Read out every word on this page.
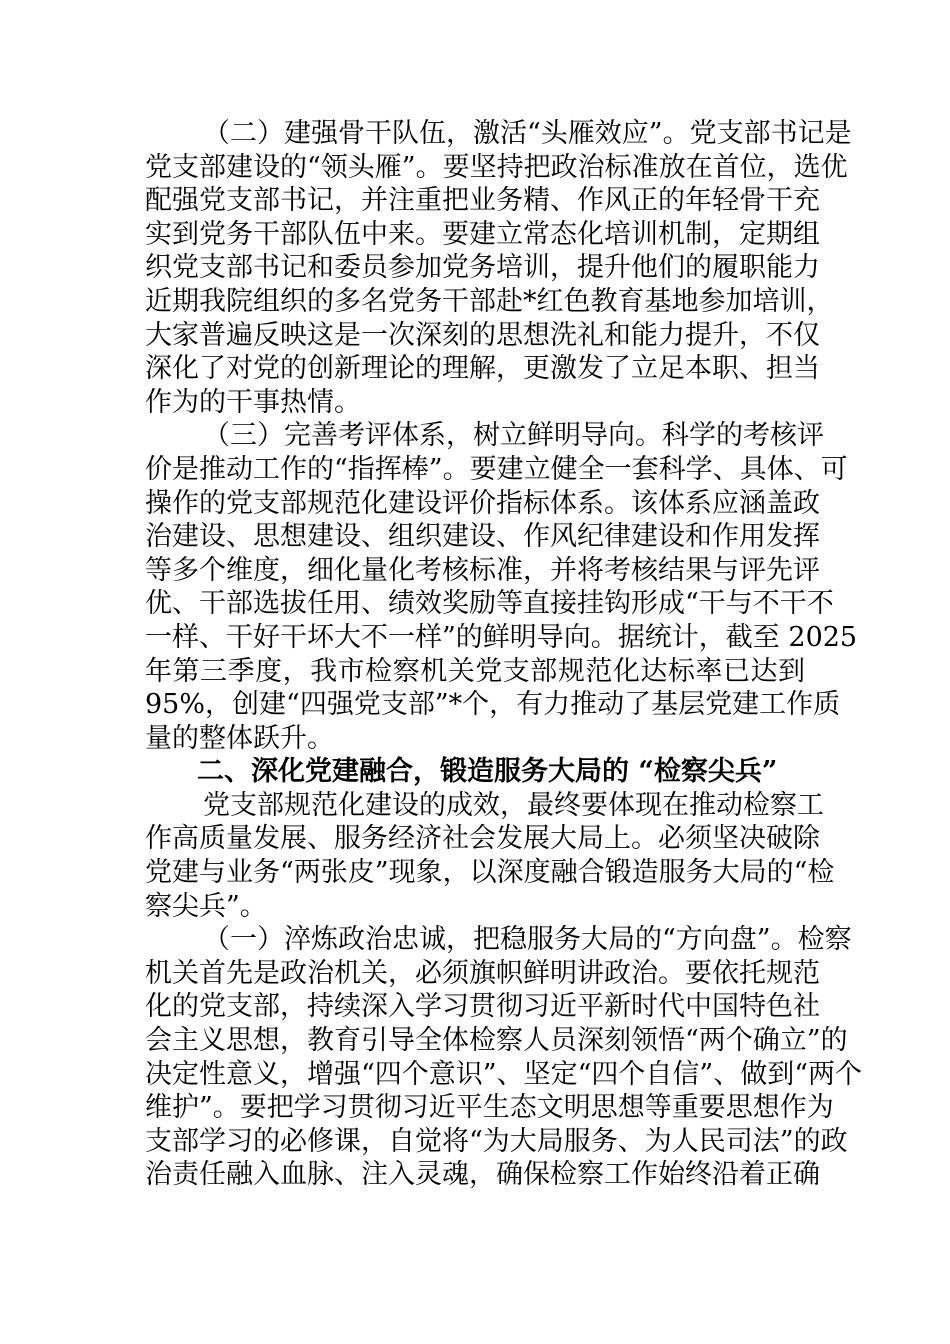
（二）建强骨干队伍，激活“头雁效应”。党支部书记是
党支部建设的“领头雁”。要坚持把政治标准放在首位，选优
配强党支部书记，并注重把业务精、作风正的年轻骨干充
实到党务干部队伍中来。要建立常态化培训机制，定期组
织党支部书记和委员参加党务培训，提升他们的履职能力
近期我院组织的多名党务干部赴*红色教育基地参加培训，
大家普遍反映这是一次深刻的思想洗礼和能力提升，不仅
深化了对党的创新理论的理解，更激发了立足本职、担当
作为的干事热情。
（三）完善考评体系，树立鲜明导向。科学的考核评
价是推动工作的“指挥棒”。要建立健全一套科学、具体、可
操作的党支部规范化建设评价指标体系。该体系应涵盖政
治建设、思想建设、组织建设、作风纪律建设和作用发挥
等多个维度，细化量化考核标准，并将考核结果与评先评
优、干部选拔任用、绩效奖励等直接挂钩形成“干与不干不
一样、干好干坏大不一样”的鲜明导向。据统计，截至 2025
年第三季度，我市检察机关党支部规范化达标率已达到
95%，创建“四强党支部”*个，有力推动了基层党建工作质
量的整体跃升。
二、深化党建融合，锻造服务大局的 “检察尖兵”
党支部规范化建设的成效，最终要体现在推动检察工
作高质量发展、服务经济社会发展大局上。必须坚决破除
党建与业务“两张皮”现象，以深度融合锻造服务大局的“检
察尖兵”。
（一）淬炼政治忠诚，把稳服务大局的“方向盘”。检察
机关首先是政治机关，必须旗帜鲜明讲政治。要依托规范
化的党支部，持续深入学习贯彻习近平新时代中国特色社
会主义思想，教育引导全体检察人员深刻领悟“两个确立”的
决定性意义，增强“四个意识”、坚定“四个自信”、做到“两个
维护”。要把学习贯彻习近平生态文明思想等重要思想作为
支部学习的必修课，自觉将“为大局服务、为人民司法”的政
治责任融入血脉、注入灵魂，确保检察工作始终沿着正确
